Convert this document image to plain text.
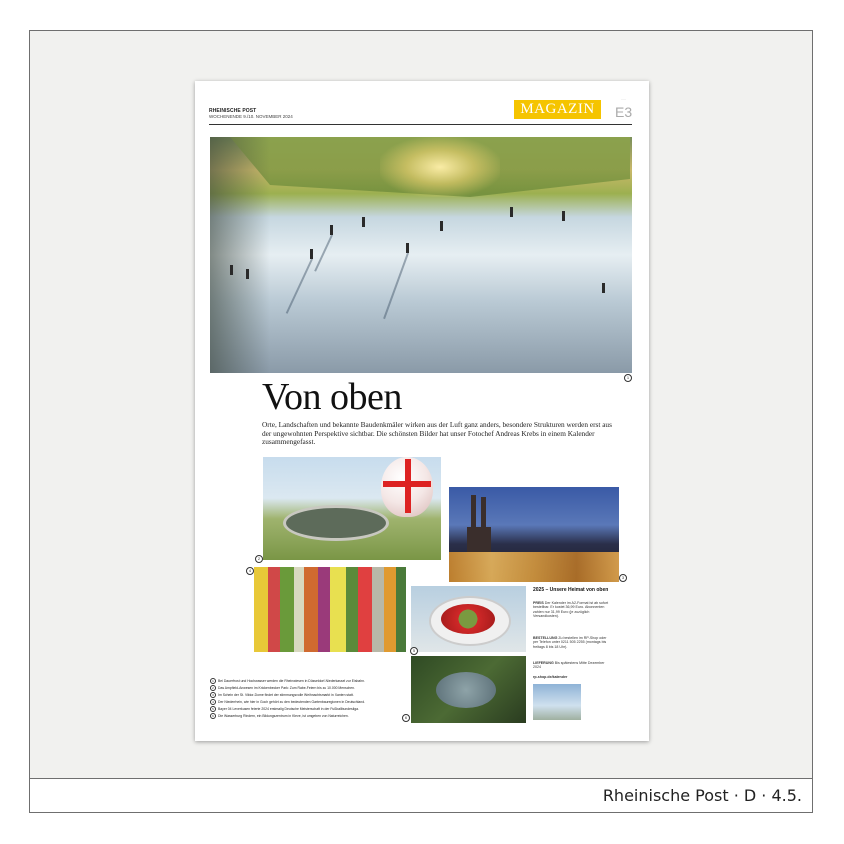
·····
RHEINISCHE POST
WOCHENENDE 9./10. NOVEMBER 2024	MAGAZIN	E3
1
Von oben
Orte, Landschaften und bekannte Baudenkmäler wirken aus der Luft ganz anders, besondere Strukturen werden erst aus der ungewohnten Perspektive sichtbar. Die schönsten Bilder hat unser Fotochef Andreas Krebs in einem Kalender zusammengefasst.
2
3
4
5
6
2025 – Unsere Heimat von oben
PREIS Der Kalender im A2-Format ist ab sofort bestellbar. Er kostet 36,99 Euro. Abonnenten zahlen nur 31,99 Euro (je zuzüglich Versandkosten).
BESTELLUNG Zu bestellen im RP-Shop oder per Telefon unter 0211 505 2255 (montags bis freitags 8 bis 18 Uhr).
LIEFERUNG Bis spätestens Mitte Dezember 2024
rp-shop.de/kalender
1 Bei Dauerfrost und Hochwasser werden die Rheinwiesen in Düsseldorf-Niederkassel zur Eisbahn.
2 Das Ampfield-Anwesen im Krickenbecker Park: Zum Rabe-Feiern bis zu 10.000 Menschen.
3 Im Schein der St. Viktor-Dome findet der stimmungsvolle Weihnachtsmarkt in Xanten statt.
4 Der Niederrhein, wie hier in Goch gehört zu den bedeutenden Gartenbauregionen in Deutschland.
5 Bayer 04 Leverkusen feierte 2024 erstmalig Deutsche Meisterschaft in der Fußballbundesliga.
6 Die Wasserburg Rindern, ein Bildungszentrum in Kleve, ist umgeben von Naturreichen.
Rheinische Post · D · 4.5.
